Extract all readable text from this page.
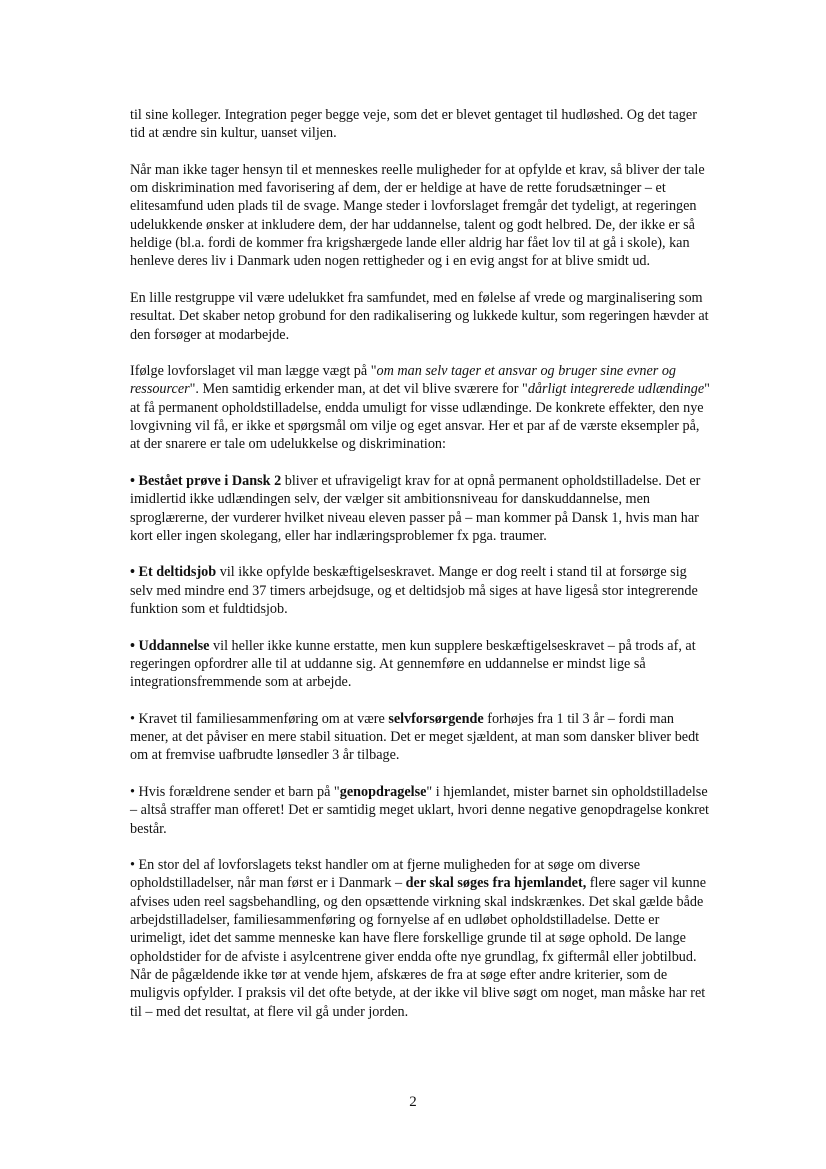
til sine kolleger. Integration peger begge veje, som det er blevet gentaget til hudløshed. Og det tager tid at ændre sin kultur, uanset viljen.

Når man ikke tager hensyn til et menneskes reelle muligheder for at opfylde et krav, så bliver der tale om diskrimination med favorisering af dem, der er heldige at have de rette forudsætninger – et elitesamfund uden plads til de svage. Mange steder i lovforslaget fremgår det tydeligt, at regeringen udelukkende ønsker at inkludere dem, der har uddannelse, talent og godt helbred. De, der ikke er så heldige (bl.a. fordi de kommer fra krigshærgede lande eller aldrig har fået lov til at gå i skole), kan henleve deres liv i Danmark uden nogen rettigheder og i en evig angst for at blive smidt ud.

En lille restgruppe vil være udelukket fra samfundet, med en følelse af vrede og marginalisering som resultat. Det skaber netop grobund for den radikalisering og lukkede kultur, som regeringen hævder at den forsøger at modarbejde.

Ifølge lovforslaget vil man lægge vægt på "om man selv tager et ansvar og bruger sine evner og ressourcer". Men samtidig erkender man, at det vil blive sværere for "dårligt integrerede udlændinge" at få permanent opholdstilladelse, endda umuligt for visse udlændinge. De konkrete effekter, den nye lovgivning vil få, er ikke et spørgsmål om vilje og eget ansvar. Her et par af de værste eksempler på, at der snarere er tale om udelukkelse og diskrimination:

• Bestået prøve i Dansk 2 bliver et ufravigeligt krav for at opnå permanent opholdstilladelse. Det er imidlertid ikke udlændingen selv, der vælger sit ambitionsniveau for danskuddannelse, men sproglærerne, der vurderer hvilket niveau eleven passer på – man kommer på Dansk 1, hvis man har kort eller ingen skolegang, eller har indlæringsproblemer fx pga. traumer.

• Et deltidsjob vil ikke opfylde beskæftigelseskravet. Mange er dog reelt i stand til at forsørge sig selv med mindre end 37 timers arbejdsuge, og et deltidsjob må siges at have ligeså stor integrerende funktion som et fuldtidsjob.

• Uddannelse vil heller ikke kunne erstatte, men kun supplere beskæftigelseskravet – på trods af, at regeringen opfordrer alle til at uddanne sig. At gennemføre en uddannelse er mindst lige så integrationsfremmende som at arbejde.

• Kravet til familiesammenføring om at være selvforsørgende forhøjes fra 1 til 3 år – fordi man mener, at det påviser en mere stabil situation. Det er meget sjældent, at man som dansker bliver bedt om at fremvise uafbrudte lønsedler 3 år tilbage.

• Hvis forældrene sender et barn på "genopdragelse" i hjemlandet, mister barnet sin opholdstilladelse – altså straffer man offeret! Det er samtidig meget uklart, hvori denne negative genopdragelse konkret består.

• En stor del af lovforslagets tekst handler om at fjerne muligheden for at søge om diverse opholdstilladelser, når man først er i Danmark – der skal søges fra hjemlandet, flere sager vil kunne afvises uden reel sagsbehandling, og den opsættende virkning skal indskrænkes. Det skal gælde både arbejdstilladelser, familiesammenføring og fornyelse af en udløbet opholdstilladelse. Dette er urimeligt, idet det samme menneske kan have flere forskellige grunde til at søge ophold. De lange opholdstider for de afviste i asylcentrene giver endda ofte nye grundlag, fx giftermål eller jobtilbud. Når de pågældende ikke tør at vende hjem, afskæres de fra at søge efter andre kriterier, som de muligvis opfylder. I praksis vil det ofte betyde, at der ikke vil blive søgt om noget, man måske har ret til – med det resultat, at flere vil gå under jorden.

2
